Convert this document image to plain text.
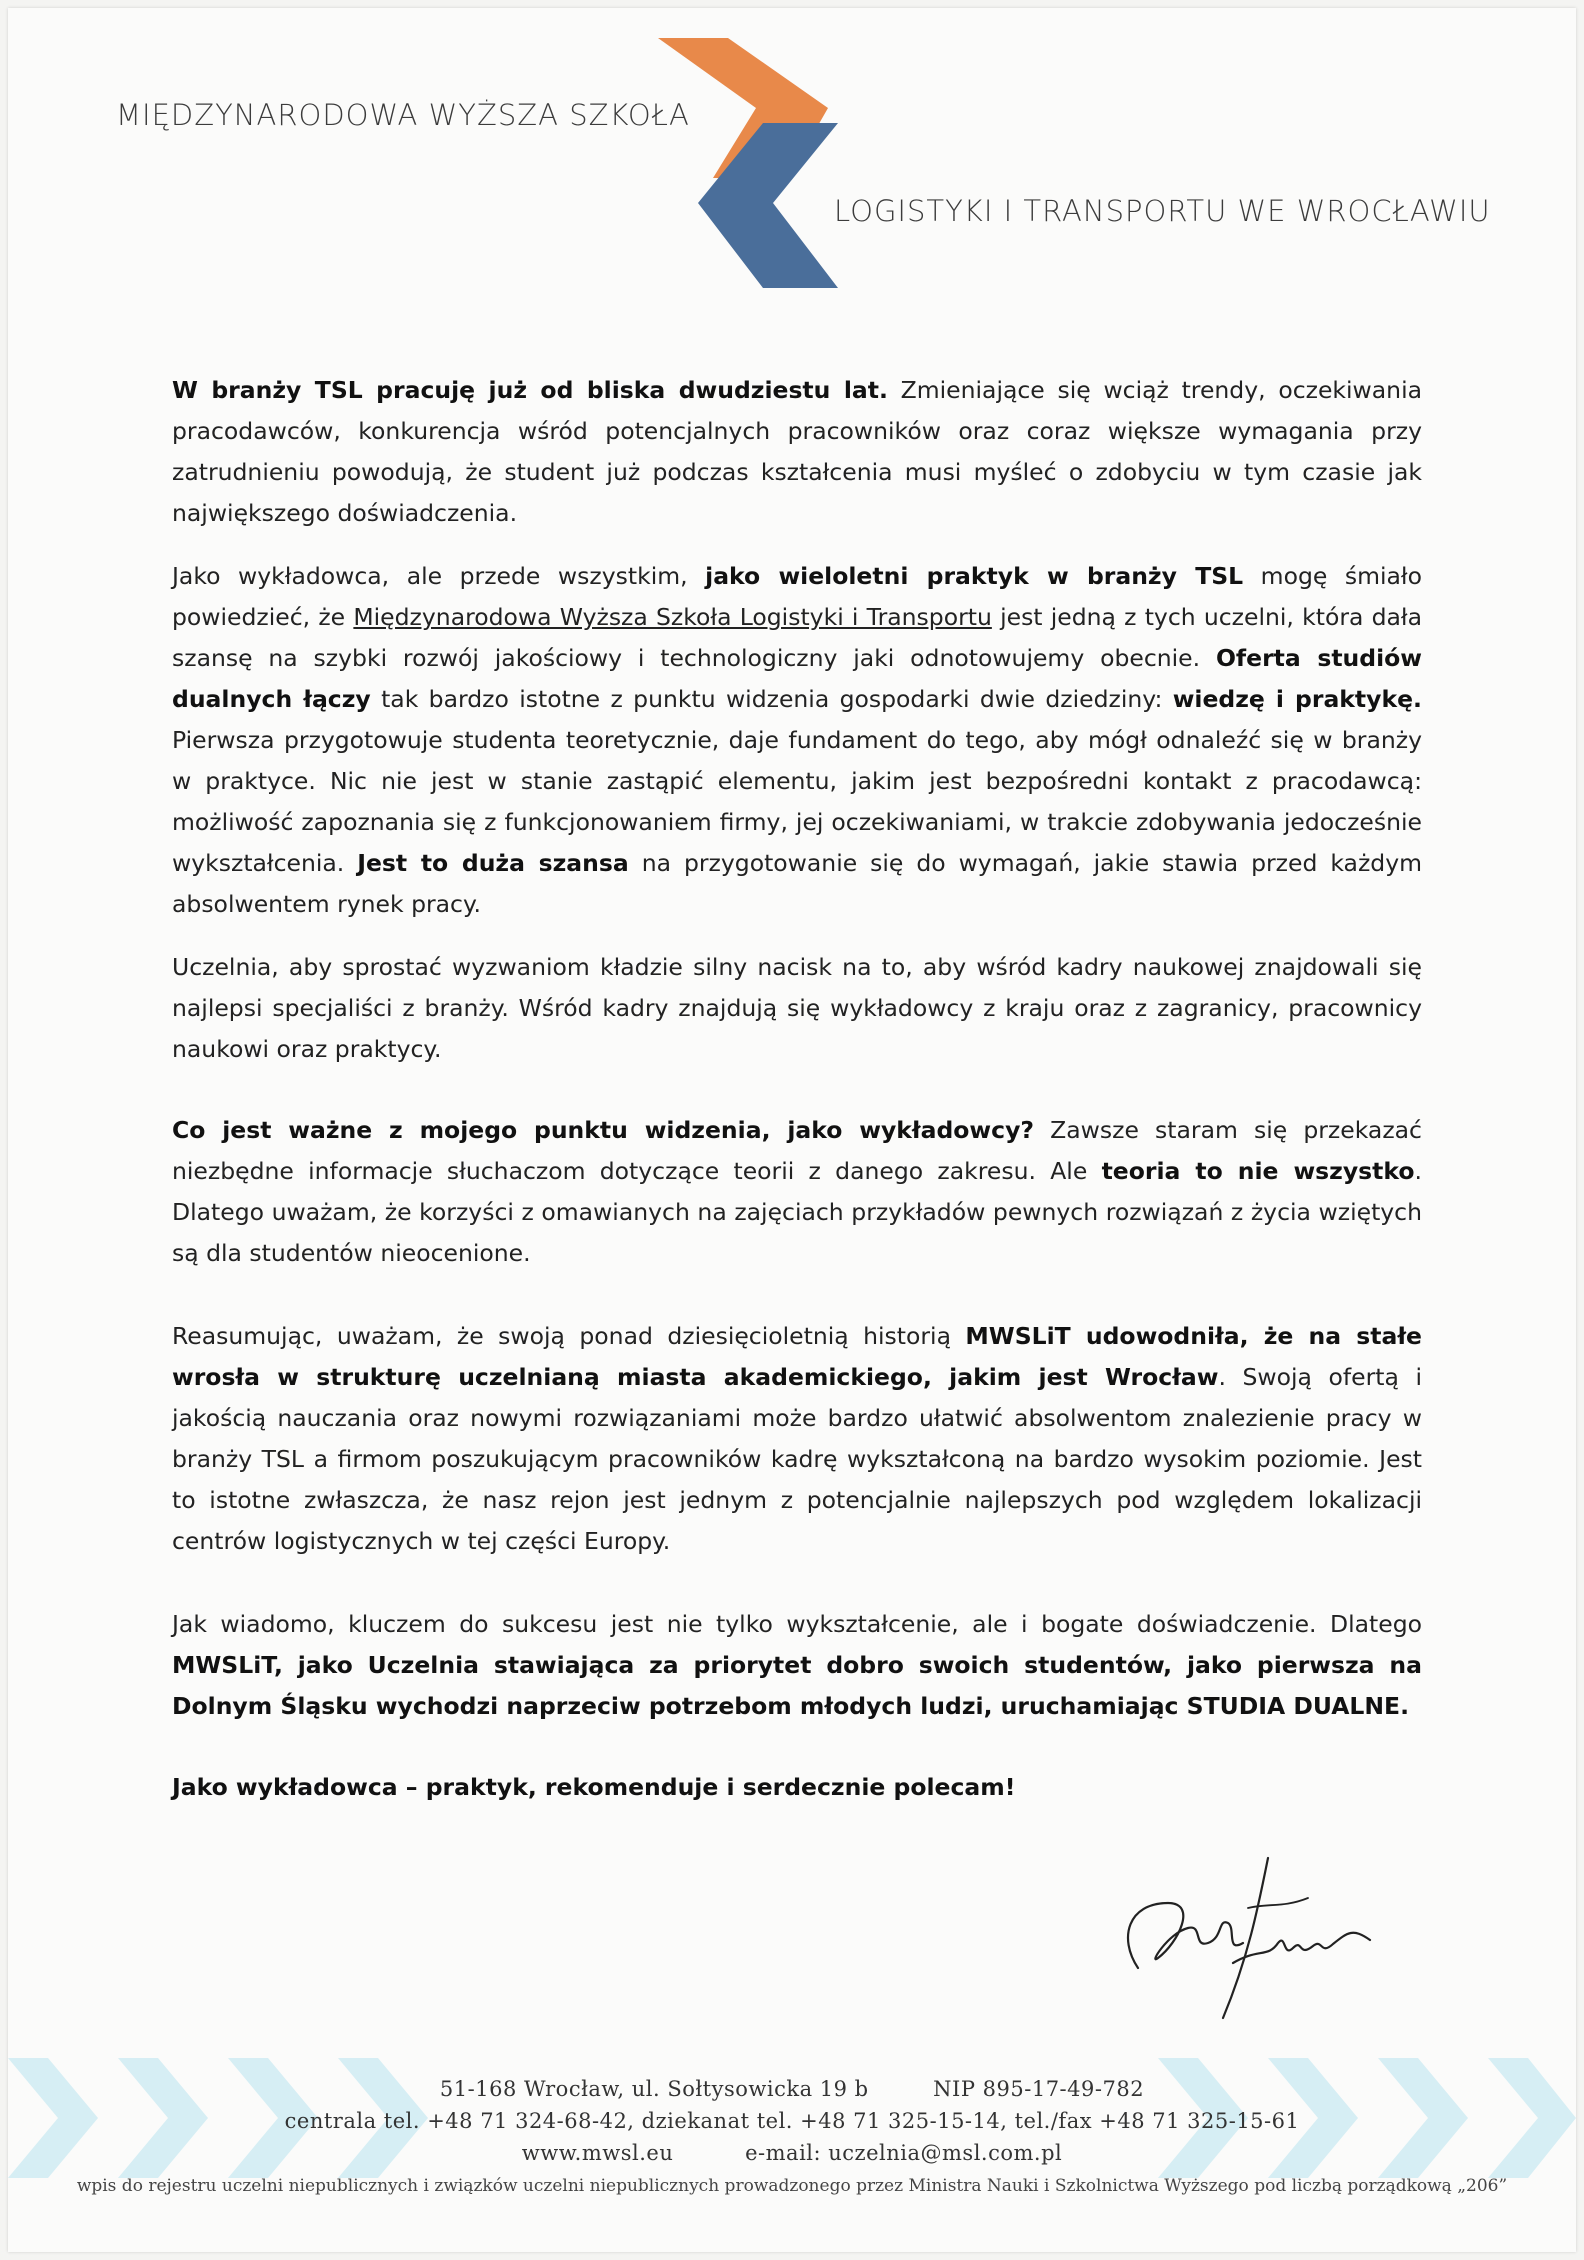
MIĘDZYNARODOWA WYŻSZA SZKOŁA
LOGISTYKI I TRANSPORTU WE WROCŁAWIU

W branży TSL pracuję już od bliska dwudziestu lat. Zmieniające się wciąż trendy, oczekiwania pracodawców, konkurencja wśród potencjalnych pracowników oraz coraz większe wymagania przy zatrudnieniu powodują, że student już podczas kształcenia musi myśleć o zdobyciu w tym czasie jak największego doświadczenia.

Jako wykładowca, ale przede wszystkim, jako wieloletni praktyk w branży TSL mogę śmiało powiedzieć, że Międzynarodowa Wyższa Szkoła Logistyki i Transportu jest jedną z tych uczelni, która dała szansę na szybki rozwój jakościowy i technologiczny jaki odnotowujemy obecnie. Oferta studiów dualnych łączy tak bardzo istotne z punktu widzenia gospodarki dwie dziedziny: wiedzę i praktykę. Pierwsza przygotowuje studenta teoretycznie, daje fundament do tego, aby mógł odnaleźć się w branży w praktyce. Nic nie jest w stanie zastąpić elementu, jakim jest bezpośredni kontakt z pracodawcą: możliwość zapoznania się z funkcjonowaniem firmy, jej oczekiwaniami, w trakcie zdobywania jedocześnie wykształcenia. Jest to duża szansa na przygotowanie się do wymagań, jakie stawia przed każdym absolwentem rynek pracy.

Uczelnia, aby sprostać wyzwaniom kładzie silny nacisk na to, aby wśród kadry naukowej znajdowali się najlepsi specjaliści z branży. Wśród kadry znajdują się wykładowcy z kraju oraz z zagranicy, pracownicy naukowi oraz praktycy.

Co jest ważne z mojego punktu widzenia, jako wykładowcy? Zawsze staram się przekazać niezbędne informacje słuchaczom dotyczące teorii z danego zakresu. Ale teoria to nie wszystko. Dlatego uważam, że korzyści z omawianych na zajęciach przykładów pewnych rozwiązań z życia wziętych są dla studentów nieocenione.

Reasumując, uważam, że swoją ponad dziesięcioletnią historią MWSLiT udowodniła, że na stałe wrosła w strukturę uczelnianą miasta akademickiego, jakim jest Wrocław. Swoją ofertą i jakością nauczania oraz nowymi rozwiązaniami może bardzo ułatwić absolwentom znalezienie pracy w branży TSL a firmom poszukującym pracowników kadrę wykształconą na bardzo wysokim poziomie. Jest to istotne zwłaszcza, że nasz rejon jest jednym z potencjalnie najlepszych pod względem lokalizacji centrów logistycznych w tej części Europy.

Jak wiadomo, kluczem do sukcesu jest nie tylko wykształcenie, ale i bogate doświadczenie. Dlatego MWSLiT, jako Uczelnia stawiająca za priorytet dobro swoich studentów, jako pierwsza na Dolnym Śląsku wychodzi naprzeciw potrzebom młodych ludzi, uruchamiając STUDIA DUALNE.

Jako wykładowca – praktyk, rekomenduje i serdecznie polecam!

51-168 Wrocław, ul. Sołtysowicka 19 b         NIP 895-17-49-782
centrala tel. +48 71 324-68-42, dziekanat tel. +48 71 325-15-14, tel./fax +48 71 325-15-61
www.mwsl.eu          e-mail: uczelnia@msl.com.pl
wpis do rejestru uczelni niepublicznych i związków uczelni niepublicznych prowadzonego przez Ministra Nauki i Szkolnictwa Wyższego pod liczbą porządkową „206”
